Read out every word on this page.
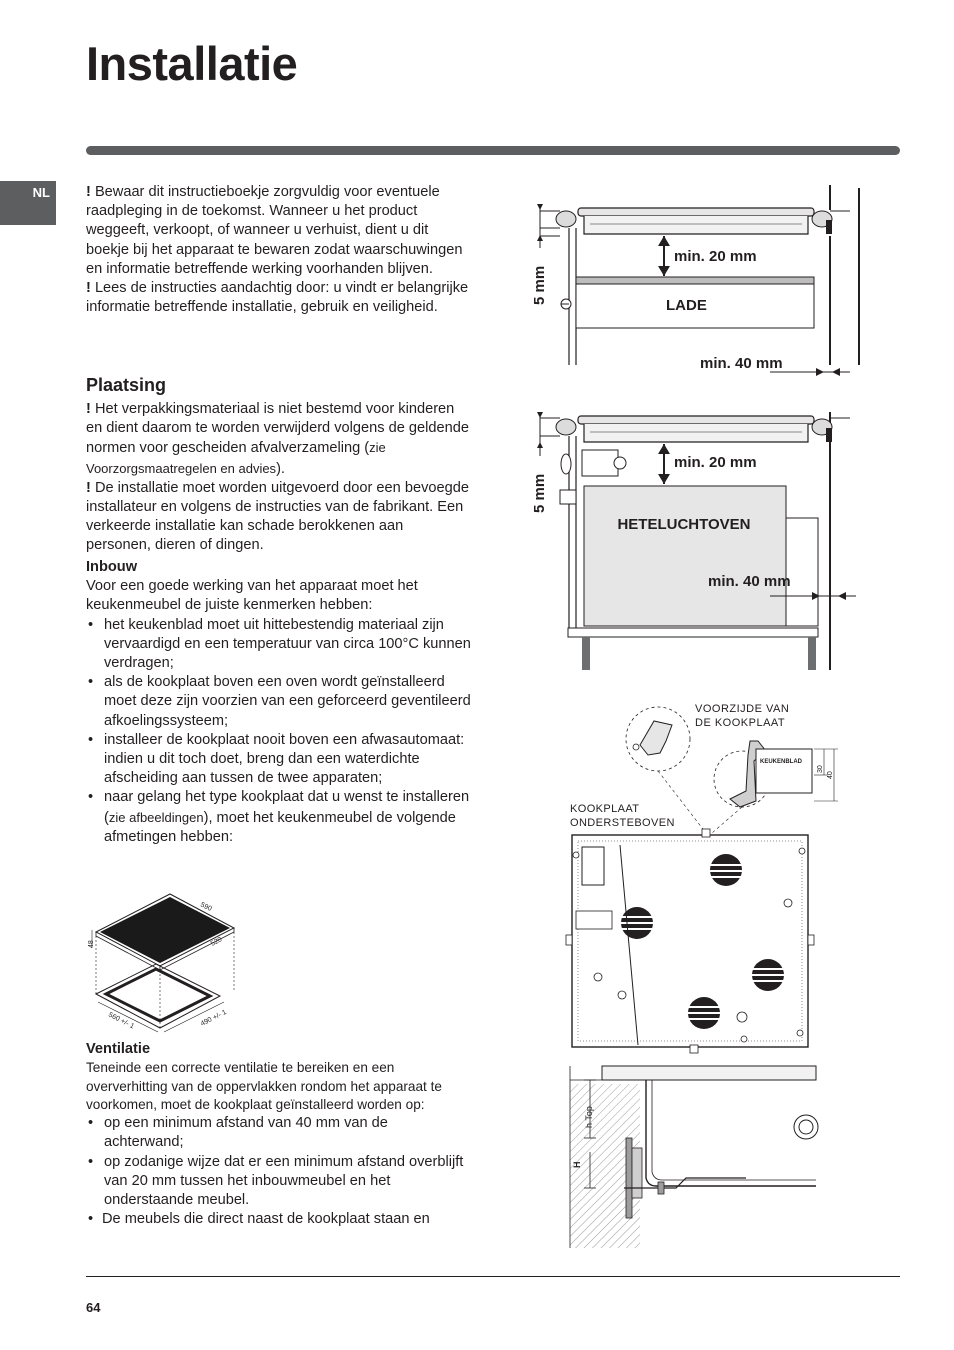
Installatie
NL	! Bewaar dit instructieboekje zorgvuldig voor eventuele raadpleging in de toekomst. Wanneer u het product weggeeft, verkoopt, of wanneer u verhuist, dient u dit boekje bij het apparaat te bewaren zodat waarschuwingen en informatie betreffende werking voorhanden blijven.

! Lees de instructies aandachtig door: u vindt er belangrijke informatie betreffende installatie, gebruik en veiligheid.

Plaatsing

! Het verpakkingsmateriaal is niet bestemd voor kinderen en dient daarom te worden verwijderd volgens de geldende normen voor gescheiden afvalverzameling (zie Voorzorgsmaatregelen en advies).

! De installatie moet worden uitgevoerd door een bevoegde installateur en volgens de instructies van de fabrikant. Een verkeerde installatie kan schade berokkenen aan personen, dieren of dingen.

Inbouw

Voor een goede werking van het apparaat moet het keukenmeubel de juiste kenmerken hebben:

• het keukenblad moet uit hittebestendig materiaal zijn vervaardigd en een temperatuur van circa 100°C kunnen verdragen;
• als de kookplaat boven een oven wordt geïnstalleerd moet deze zijn voorzien van een geforceerd geventileerd afkoelingssysteem;
• installeer de kookplaat nooit boven een afwasautomaat: indien u dit toch doet, breng dan een waterdichte afscheiding aan tussen de twee apparaten;
• naar gelang het type kookplaat dat u wenst te installeren (zie afbeeldingen), moet het keukenmeubel de volgende afmetingen hebben:
590
520
48
560 +/- 1	490 +/- 1
Ventilatie

Teneinde een correcte ventilatie te bereiken en een oververhitting van de oppervlakken rondom het apparaat te voorkomen, moet de kookplaat geïnstalleerd worden op:

• op een minimum afstand van 40 mm van de achterwand;
• op zodanige wijze dat er een minimum afstand overblijft van 20 mm tussen het inbouwmeubel en het onderstaande meubel.
• De meubels die direct naast de kookplaat staan en
min. 20 mm
LADE
5 mm
min. 40 mm
HETELUCHTOVEN
min. 20 mm
5 mm
min. 40 mm
VOORZIJDE VAN
DE KOOKPLAAT
KEUKENBLAD
30
40
KOOKPLAAT
ONDERSTEBOVEN
h Top
H
64
